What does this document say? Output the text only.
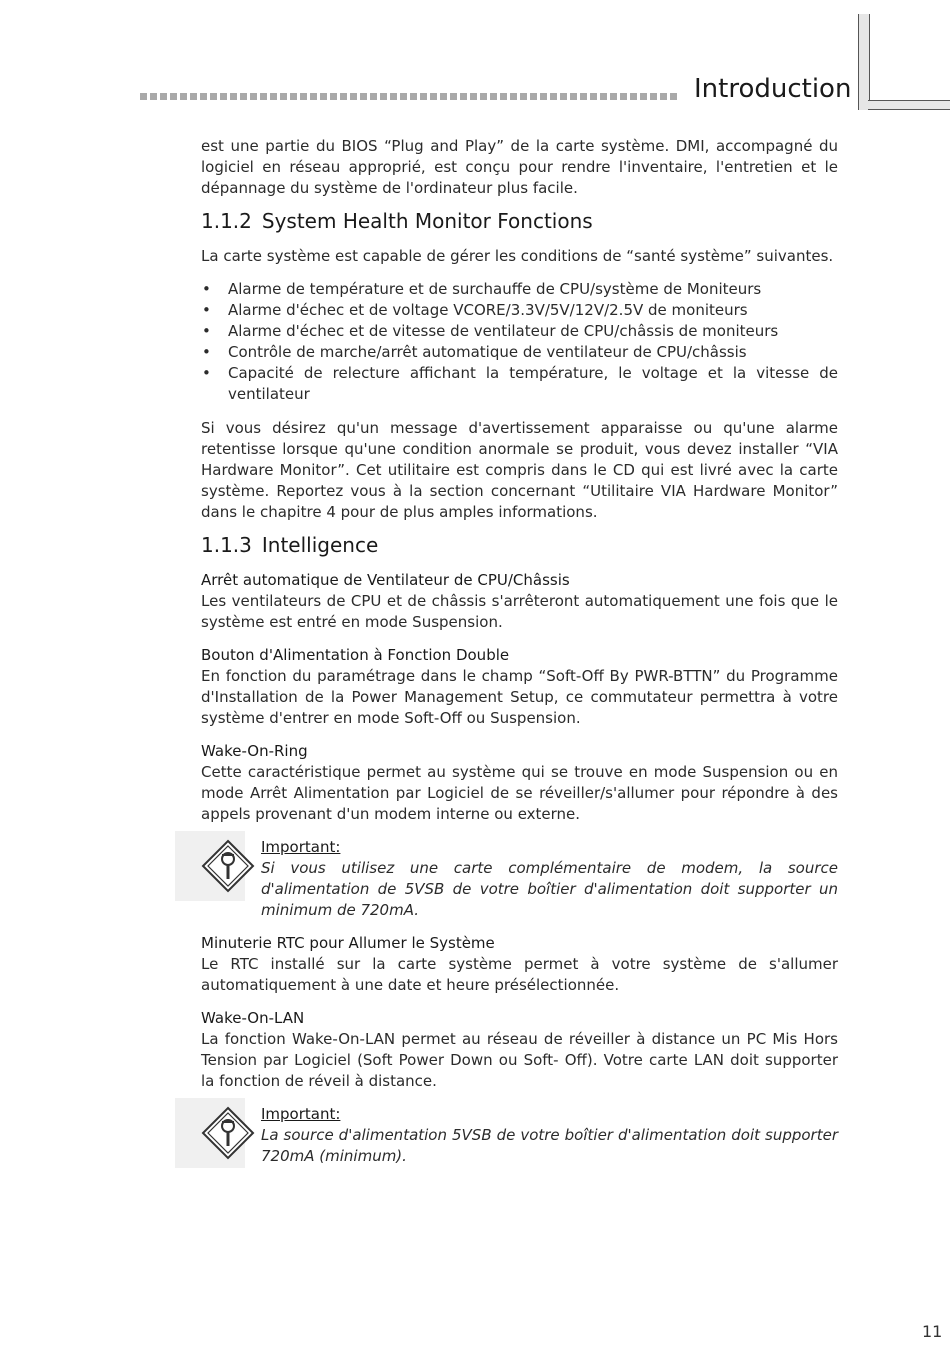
Introduction

est une partie du BIOS “Plug and Play” de la carte système. DMI, accompagné du logiciel en réseau approprié, est conçu pour rendre l'inventaire, l'entretien et le dépannage du système de l'ordinateur plus facile.

1.1.2 System Health Monitor Fonctions

La carte système est capable de gérer les conditions de “santé système” suivantes.

• Alarme de température et de surchauffe de CPU/système de Moniteurs
• Alarme d'échec et de voltage VCORE/3.3V/5V/12V/2.5V de moniteurs
• Alarme d'échec et de vitesse de ventilateur de CPU/châssis de moniteurs
• Contrôle de marche/arrêt automatique de ventilateur de CPU/châssis
• Capacité de relecture affichant la température, le voltage et la vitesse de ventilateur

Si vous désirez qu'un message d'avertissement apparaisse ou qu'une alarme retentisse lorsque qu'une condition anormale se produit, vous devez installer “VIA Hardware Monitor”. Cet utilitaire est compris dans le CD qui est livré avec la carte système. Reportez vous à la section concernant “Utilitaire VIA Hardware Monitor” dans le chapitre 4 pour de plus amples informations.

1.1.3 Intelligence
Arrêt automatique de Ventilateur de CPU/Châssis

Les ventilateurs de CPU et de châssis s'arrêteront automatiquement une fois que le système est entré en mode Suspension.

Bouton d'Alimentation à Fonction Double

En fonction du paramétrage dans le champ “Soft-Off By PWR-BTTN” du Programme d'Installation de la Power Management Setup, ce commutateur permettra à votre système d'entrer en mode Soft-Off ou Suspension.

Wake-On-Ring

Cette caractéristique permet au système qui se trouve en mode Suspension ou en mode Arrêt Alimentation par Logiciel de se réveiller/s'allumer pour répondre à des appels provenant d'un modem interne ou externe.

Important:

Si vous utilisez une carte complémentaire de modem, la source d'alimentation de 5VSB de votre boîtier d'alimentation doit supporter un minimum de 720mA.

Minuterie RTC pour Allumer le Système

Le RTC installé sur la carte système permet à votre système de s'allumer automatiquement à une date et heure présélectionnée.

Wake-On-LAN

La fonction Wake-On-LAN permet au réseau de réveiller à distance un PC Mis Hors Tension par Logiciel (Soft Power Down ou Soft- Off). Votre carte LAN doit supporter la fonction de réveil à distance.

Important:

La source d'alimentation 5VSB de votre boîtier d'alimentation doit supporter 720mA (minimum).

11
